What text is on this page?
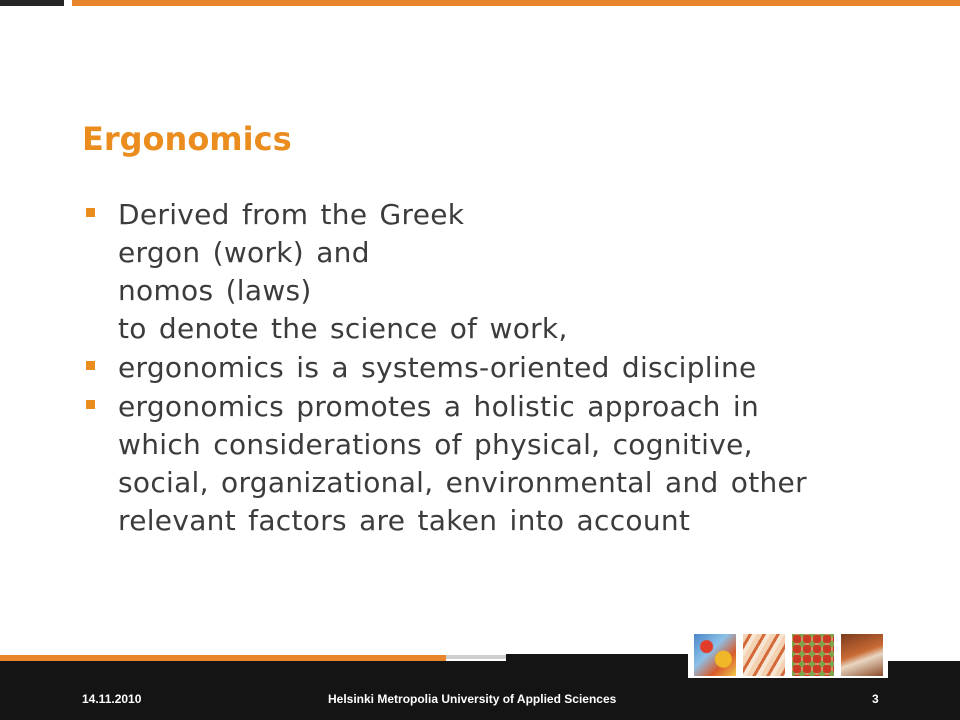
Ergonomics
Derived from the Greek
ergon (work) and
nomos (laws)
to denote the science of work,
ergonomics is a systems-oriented discipline
ergonomics promotes a holistic approach in
which considerations of physical, cognitive,
social, organizational, environmental and other
relevant factors are taken into account
14.11.2010	Helsinki Metropolia University of Applied Sciences	3
